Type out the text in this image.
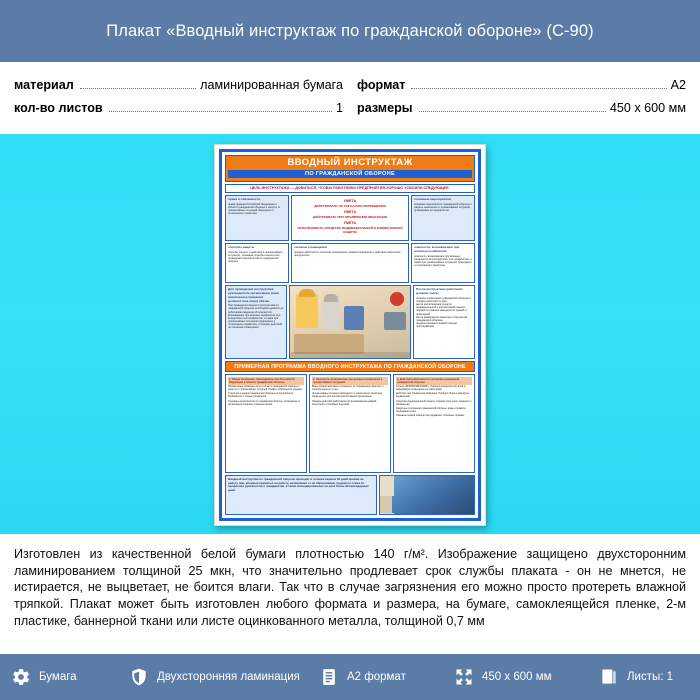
Плакат «Вводный инструктаж по гражданской обороне» (С-90)
материал	ламинированная бумага
кол-во листов	1
формат	А2
размеры	450 x 600 мм
ВВОДНЫЙ ИНСТРУКТАЖ
ПО ГРАЖДАНСКОЙ ОБОРОНЕ
ЦЕЛЬ ИНСТРУКТАЖА — ДОБИТЬСЯ, ЧТОБЫ РАБОТНИКИ ПРЕДПРИЯТИЯ ХОРОШО УСВОИЛИ СЛЕДУЮЩЕЕ:
права и обязанности
права граждан Российской Федерации в области гражданской обороны и защиты от чрезвычайных ситуаций природного и техногенного характера
УМЕТЬ
ДЕЙСТВОВАТЬ ПО СИГНАЛАМ ОПОВЕЩЕНИЯ
УМЕТЬ
ДЕЙСТВОВАТЬ ПРИ ОБЪЯВЛЕНИИ ЭВАКУАЦИИ
УМЕТЬ
ИСПОЛЬЗОВАТЬ СРЕДСТВА ИНДИВИДУАЛЬНОЙ И КОЛЛЕКТИВНОЙ ЗАЩИТЫ
основные мероприятия
основные мероприятия гражданской обороны и защиты населения от чрезвычайных ситуаций, проводимые на предприятии
способы защиты
способы защиты и действия в чрезвычайных ситуациях, основные способы защиты при проведении мероприятий по гражданской обороне
сигналы оповещения
порядок действий по сигналам оповещения, правила поведения и действия работников предприятия
опасности, возникающие при военных конфликтах
опасности, возникающие при военных конфликтах или вследствие этих конфликтов, а также при чрезвычайных ситуациях природного и техногенного характера
Для проведения инструктажа руководитель организации (иное назначенное приказом должностное лицо) обязан
При проведении вводного инструктажа по гражданской обороне необходимо довести до работников сведения об опасностях, возникающих при военных конфликтах или вследствие этих конфликтов, а также при чрезвычайных ситуациях природного и техногенного характера, и порядке действий по сигналам оповещения.
После инструктажа работники должны знать:
сигналы оповещения гражданской обороны и порядок действий по ним
места расположения средств индивидуальной и коллективной защиты
порядок и правила эвакуации из зданий и помещений
места размещения защитных сооружений гражданской обороны
порядок оказания первой помощи пострадавшим
ПРИМЕРНАЯ ПРОГРАММА ВВОДНОГО ИНСТРУКТАЖА ПО ГРАЖДАНСКОЙ ОБОРОНЕ
1. Общие положения. Законодательство Российской Федерации в области гражданской обороны

Нормативные правовые акты в области гражданской обороны и защиты от чрезвычайных ситуаций. Права и обязанности граждан.

Структура и задачи гражданской обороны на предприятии. Руководство и органы управления.

Основные мероприятия по гражданской обороне, проводимые в организации в мирное и военное время.

2. Опасности, возникающие при военных конфликтах и чрезвычайных ситуациях

Виды оружия массового поражения, их поражающие факторы и способы защиты от них.

Чрезвычайные ситуации природного и техногенного характера, характерные для региона расположения организации.

Порядок действий работников при возникновении аварий, катастроф и стихийных бедствий.

3. Действия работников по сигналам оповещения гражданской обороны

Сигнал «ВНИМАНИЕ ВСЕМ!». Порядок доведения сигналов и информации оповещения до работников.

Действия при объявлении эвакуации. Порядок сбора и маршруты выдвижения.

Средства индивидуальной защиты: порядок получения, хранения и применения.

Защитные сооружения гражданской обороны: виды и правила пребывания в них.

Оказание первой помощи пострадавшим. Основные приёмы.

Вводный инструктаж по гражданской обороне проводят в течение первых 30 дней приёма на работу лиц, впервые принятых на работу, независимо от их образования, трудового стажа по профессии (должности) и гражданства, а также командированных на срок более 30 календарных дней
Изготовлен из качественной белой бумаги плотностью 140 г/м². Изображение защищено двухсторонним ламинированием толщиной 25 мкн, что значительно продлевает срок службы плаката - он не мнется, не истирается, не выцветает, не боится влаги. Так что в случае загрязнения его можно просто протереть влажной тряпкой. Плакат может быть изготовлен любого формата и размера, на бумаге, самоклеящейся пленке, 2-м пластике, баннерной ткани или листе оцинкованного металла, толщиной 0,7 мм
Бумага	Двухсторонняя ламинация	А2 формат	450 x 600 мм	Листы: 1
